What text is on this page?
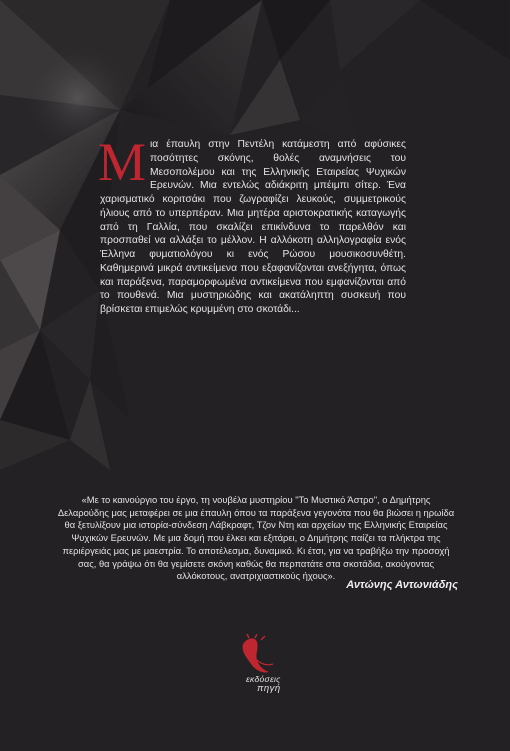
Μ ια έπαυλη στην Πεντέλη κατάμεστη από αφύσικες ποσότητες σκόνης, θολές αναμνήσεις του Μεσοπολέμου και της Ελληνικής Εταιρείας Ψυχικών Ερευνών. Μια εντελώς αδιάκριτη μπέιμπι σίτερ. Ένα χαρισματικό κοριτσάκι που ζωγραφίζει λευκούς, συμμετρικούς ήλιους από το υπερπέραν. Μια μητέρα αριστοκρατικής καταγωγής από τη Γαλλία, που σκαλίζει επικίνδυνα το παρελθόν και προσπαθεί να αλλάξει το μέλλον. Η αλλόκοτη αλληλογραφία ενός Έλληνα φυματιολόγου κι ενός Ρώσου μουσικοσυνθέτη. Καθημερινά μικρά αντικείμενα που εξαφανίζονται ανεξήγητα, όπως και παράξενα, παραμορφωμένα αντικείμενα που εμφανίζονται από το πουθενά. Μια μυστηριώδης και ακατάληπτη συσκευή που βρίσκεται επιμελώς κρυμμένη στο σκοτάδι...
«Με το καινούργιο του έργο, τη νουβέλα μυστηρίου "Το Μυστικό Άστρο", ο Δημήτρης Δελαρούδης μας μεταφέρει σε μια έπαυλη όπου τα παράξενα γεγονότα που θα βιώσει η ηρωίδα θα ξετυλίξουν μια ιστορία-σύνδεση Λάβκραφτ, Τζον Ντη και αρχείων της Ελληνικής Εταιρείας Ψυχικών Ερευνών. Με μια δομή που έλκει και εξιτάρει, ο Δημήτρης παίζει τα πλήκτρα της περιέργειάς μας με μαεστρία. Το αποτέλεσμα, δυναμικό. Κι έτσι, για να τραβήξω την προσοχή σας, θα γράψω ότι θα γεμίσετε σκόνη καθώς θα περπατάτε στα σκοτάδια, ακούγοντας αλλόκοτους, ανατριχιαστικούς ήχους».
Αντώνης Αντωνιάδης
εκδόσεις
πηγή
